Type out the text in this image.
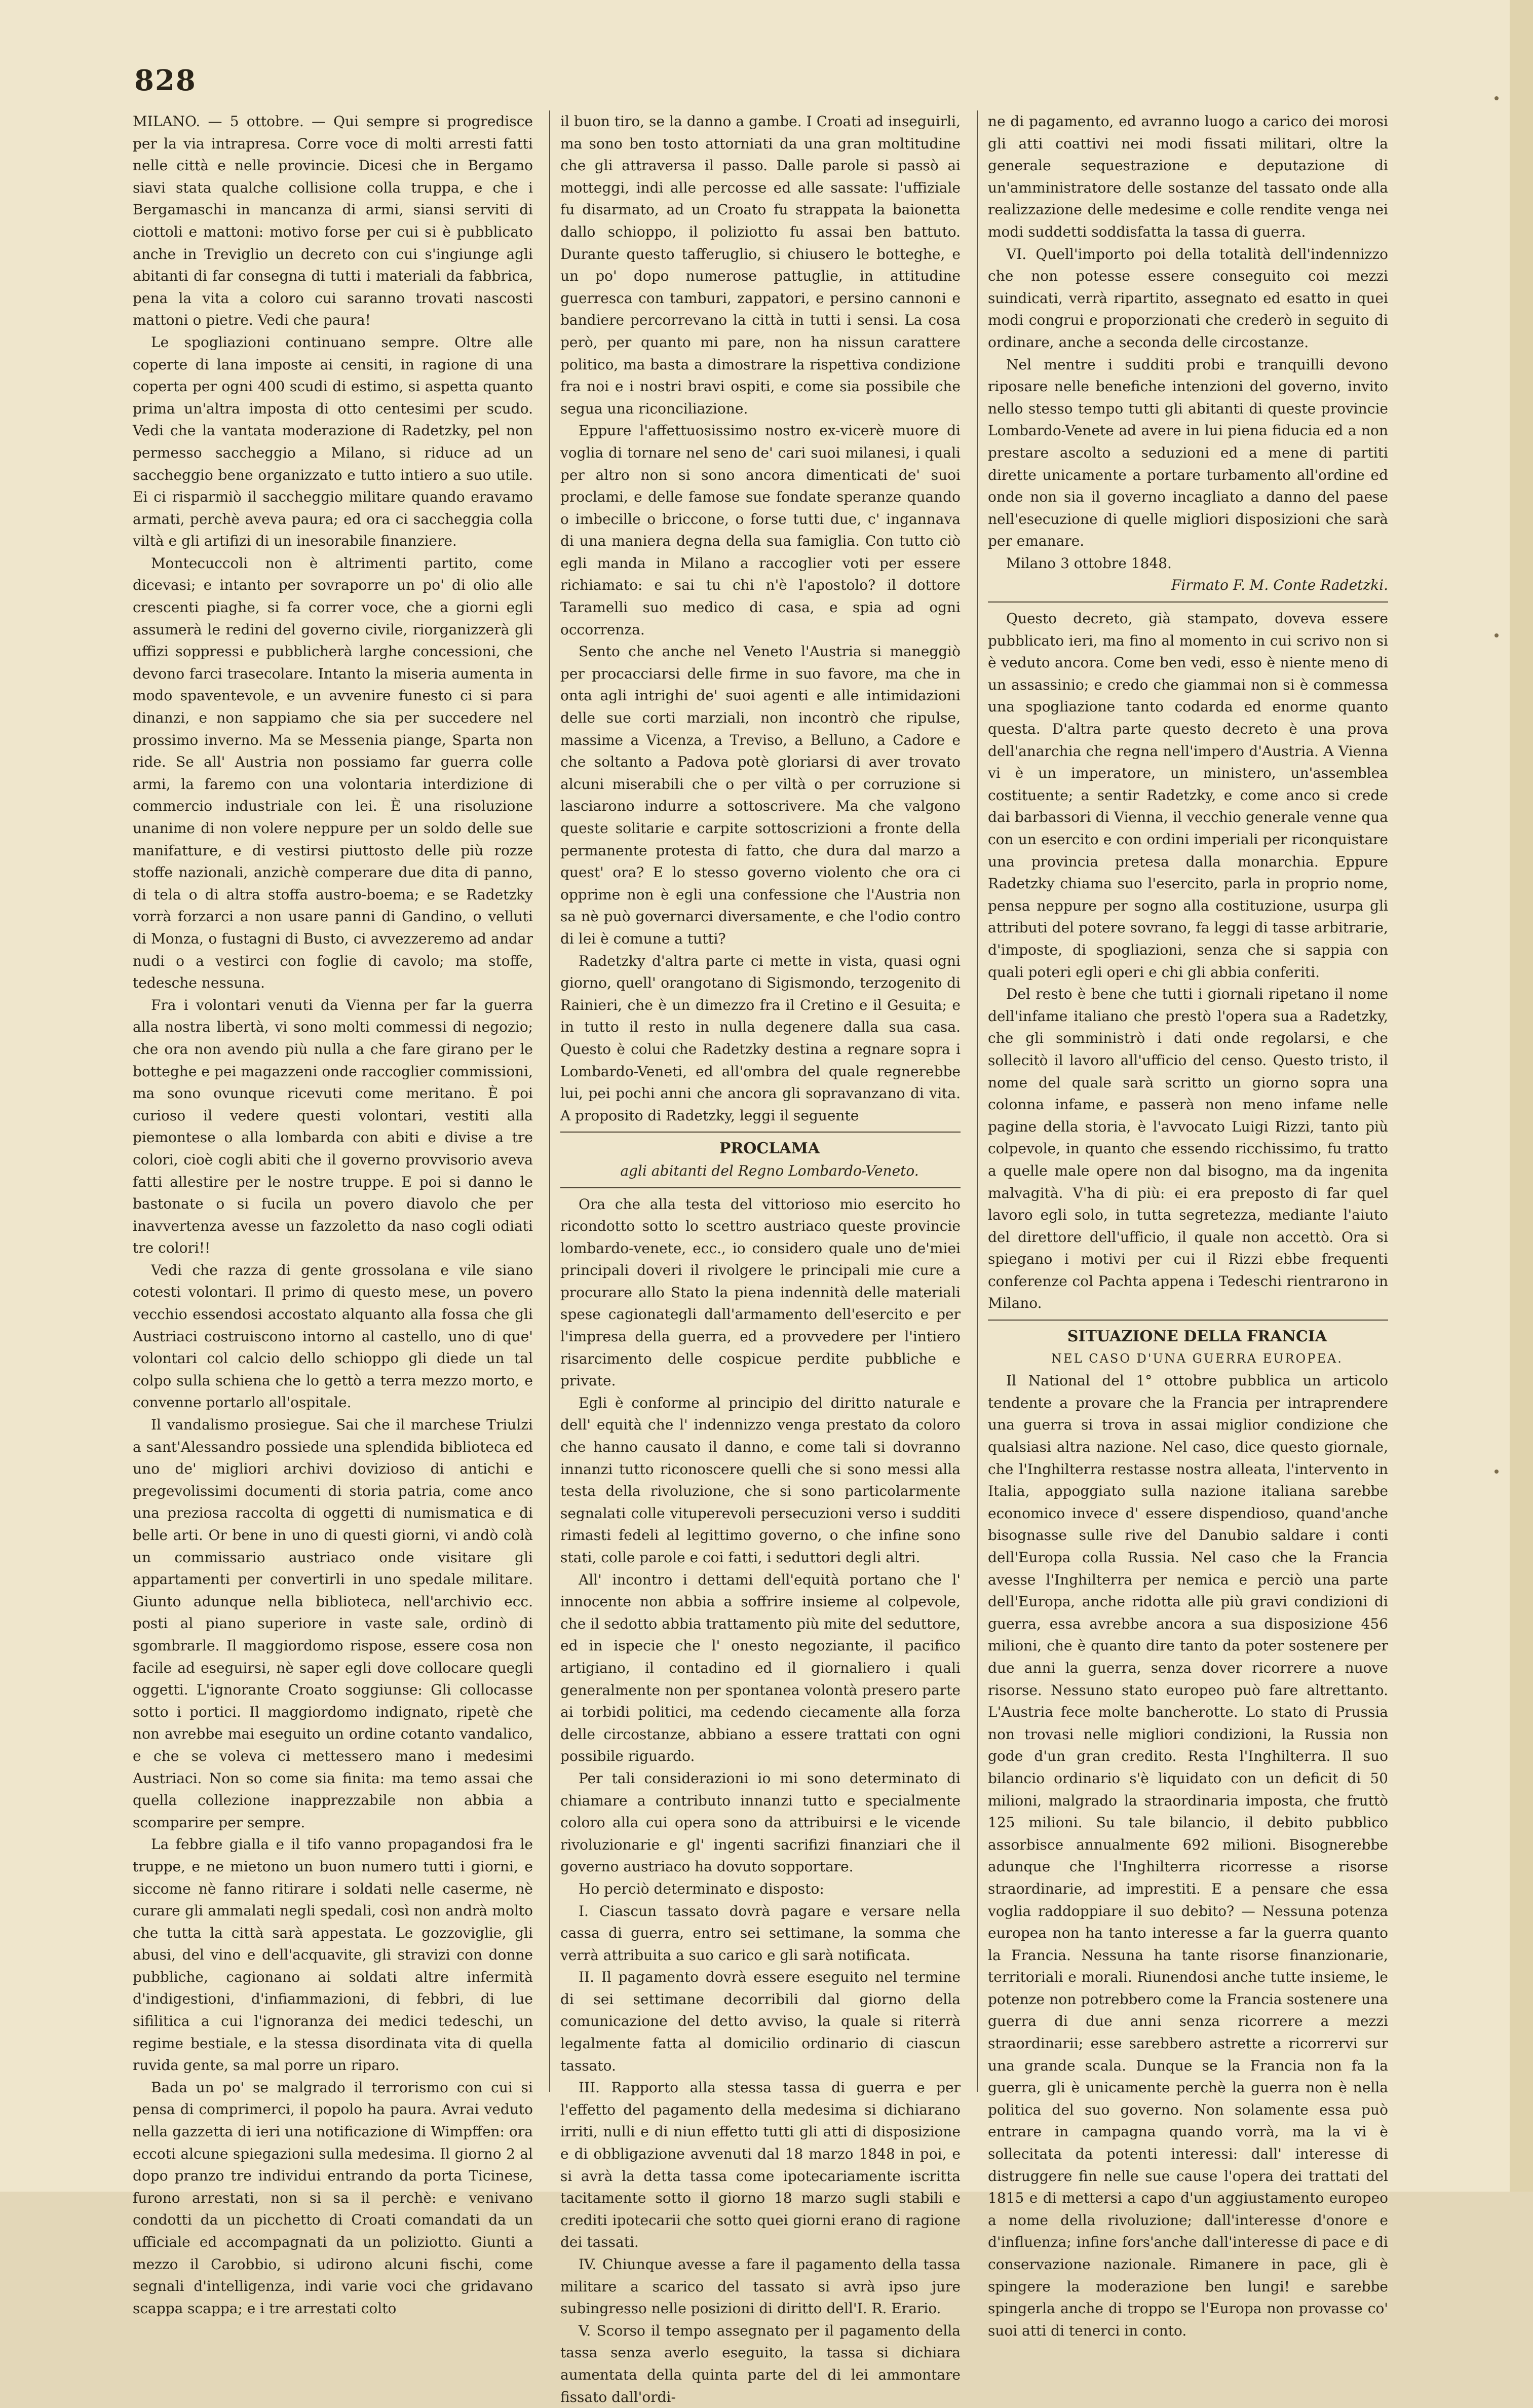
828

MILANO. — 5 ottobre. — Qui sempre si progredisce per la via intrapresa. Corre voce di molti arresti fatti nelle città e nelle provincie. Dicesi che in Bergamo siavi stata qualche collisione colla truppa, e che i Bergamaschi in mancanza di armi, siansi serviti di ciottoli e mattoni: motivo forse per cui si è pubblicato anche in Treviglio un decreto con cui s'ingiunge agli abitanti di far consegna di tutti i materiali da fabbrica, pena la vita a coloro cui saranno trovati nascosti mattoni o pietre. Vedi che paura!

Le spogliazioni continuano sempre. Oltre alle coperte di lana imposte ai censiti, in ragione di una coperta per ogni 400 scudi di estimo, si aspetta quanto prima un'altra imposta di otto centesimi per scudo. Vedi che la vantata moderazione di Radetzky, pel non permesso saccheggio a Milano, si riduce ad un saccheggio bene organizzato e tutto intiero a suo utile. Ei ci risparmiò il saccheggio militare quando eravamo armati, perchè aveva paura; ed ora ci saccheggia colla viltà e gli artifizi di un inesorabile finanziere.

Montecuccoli non è altrimenti partito, come dicevasi; e intanto per sovraporre un po' di olio alle crescenti piaghe, si fa correr voce, che a giorni egli assumerà le redini del governo civile, riorganizzerà gli uffizi soppressi e pubblicherà larghe concessioni, che devono farci trasecolare. Intanto la miseria aumenta in modo spaventevole, e un avvenire funesto ci si para dinanzi, e non sappiamo che sia per succedere nel prossimo inverno. Ma se Messenia piange, Sparta non ride. Se all' Austria non possiamo far guerra colle armi, la faremo con una volontaria interdizione di commercio industriale con lei. È una risoluzione unanime di non volere neppure per un soldo delle sue manifatture, e di vestirsi piuttosto delle più rozze stoffe nazionali, anzichè comperare due dita di panno, di tela o di altra stoffa austro-boema; e se Radetzky vorrà forzarci a non usare panni di Gandino, o velluti di Monza, o fustagni di Busto, ci avvezzeremo ad andar nudi o a vestirci con foglie di cavolo; ma stoffe, tedesche nessuna.

Fra i volontari venuti da Vienna per far la guerra alla nostra libertà, vi sono molti commessi di negozio; che ora non avendo più nulla a che fare girano per le botteghe e pei magazzeni onde raccoglier commissioni, ma sono ovunque ricevuti come meritano. È poi curioso il vedere questi volontari, vestiti alla piemontese o alla lombarda con abiti e divise a tre colori, cioè cogli abiti che il governo provvisorio aveva fatti allestire per le nostre truppe. E poi si danno le bastonate o si fucila un povero diavolo che per inavvertenza avesse un fazzoletto da naso cogli odiati tre colori!!

Vedi che razza di gente grossolana e vile siano cotesti volontari. Il primo di questo mese, un povero vecchio essendosi accostato alquanto alla fossa che gli Austriaci costruiscono intorno al castello, uno di que' volontari col calcio dello schioppo gli diede un tal colpo sulla schiena che lo gettò a terra mezzo morto, e convenne portarlo all'ospitale.

Il vandalismo prosiegue. Sai che il marchese Triulzi a sant'Alessandro possiede una splendida biblioteca ed uno de' migliori archivi dovizioso di antichi e pregevolissimi documenti di storia patria, come anco una preziosa raccolta di oggetti di numismatica e di belle arti. Or bene in uno di questi giorni, vi andò colà un commissario austriaco onde visitare gli appartamenti per convertirli in uno spedale militare. Giunto adunque nella biblioteca, nell'archivio ecc. posti al piano superiore in vaste sale, ordinò di sgombrarle. Il maggiordomo rispose, essere cosa non facile ad eseguirsi, nè saper egli dove collocare quegli oggetti. L'ignorante Croato soggiunse: Gli collocasse sotto i portici. Il maggiordomo indignato, ripetè che non avrebbe mai eseguito un ordine cotanto vandalico, e che se voleva ci mettessero mano i medesimi Austriaci. Non so come sia finita: ma temo assai che quella collezione inapprezzabile non abbia a scomparire per sempre.

La febbre gialla e il tifo vanno propagandosi fra le truppe, e ne mietono un buon numero tutti i giorni, e siccome nè fanno ritirare i soldati nelle caserme, nè curare gli ammalati negli spedali, così non andrà molto che tutta la città sarà appestata. Le gozzoviglie, gli abusi, del vino e dell'acquavite, gli stravizi con donne pubbliche, cagionano ai soldati altre infermità d'indigestioni, d'infiammazioni, di febbri, di lue sifilitica a cui l'ignoranza dei medici tedeschi, un regime bestiale, e la stessa disordinata vita di quella ruvida gente, sa mal porre un riparo.

Bada un po' se malgrado il terrorismo con cui si pensa di comprimerci, il popolo ha paura. Avrai veduto nella gazzetta di ieri una notificazione di Wimpffen: ora eccoti alcune spiegazioni sulla medesima. Il giorno 2 al dopo pranzo tre individui entrando da porta Ticinese, furono arrestati, non si sa il perchè: e venivano condotti da un picchetto di Croati comandati da un ufficiale ed accompagnati da un poliziotto. Giunti a mezzo il Carobbio, si udirono alcuni fischi, come segnali d'intelligenza, indi varie voci che gridavano scappa scappa; e i tre arrestati colto

il buon tiro, se la danno a gambe. I Croati ad inseguirli, ma sono ben tosto attorniati da una gran moltitudine che gli attraversa il passo. Dalle parole si passò ai motteggi, indi alle percosse ed alle sassate: l'uffiziale fu disarmato, ad un Croato fu strappata la baionetta dallo schioppo, il poliziotto fu assai ben battuto. Durante questo tafferuglio, si chiusero le botteghe, e un po' dopo numerose pattuglie, in attitudine guerresca con tamburi, zappatori, e persino cannoni e bandiere percorrevano la città in tutti i sensi. La cosa però, per quanto mi pare, non ha nissun carattere politico, ma basta a dimostrare la rispettiva condizione fra noi e i nostri bravi ospiti, e come sia possibile che segua una riconciliazione.

Eppure l'affettuosissimo nostro ex-vicerè muore di voglia di tornare nel seno de' cari suoi milanesi, i quali per altro non si sono ancora dimenticati de' suoi proclami, e delle famose sue fondate speranze quando o imbecille o briccone, o forse tutti due, c' ingannava di una maniera degna della sua famiglia. Con tutto ciò egli manda in Milano a raccoglier voti per essere richiamato: e sai tu chi n'è l'apostolo? il dottore Taramelli suo medico di casa, e spia ad ogni occorrenza.

Sento che anche nel Veneto l'Austria si maneggiò per procacciarsi delle firme in suo favore, ma che in onta agli intrighi de' suoi agenti e alle intimidazioni delle sue corti marziali, non incontrò che ripulse, massime a Vicenza, a Treviso, a Belluno, a Cadore e che soltanto a Padova potè gloriarsi di aver trovato alcuni miserabili che o per viltà o per corruzione si lasciarono indurre a sottoscrivere. Ma che valgono queste solitarie e carpite sottoscrizioni a fronte della permanente protesta di fatto, che dura dal marzo a quest' ora? E lo stesso governo violento che ora ci opprime non è egli una confessione che l'Austria non sa nè può governarci diversamente, e che l'odio contro di lei è comune a tutti?

Radetzky d'altra parte ci mette in vista, quasi ogni giorno, quell' orangotano di Sigismondo, terzogenito di Rainieri, che è un dimezzo fra il Cretino e il Gesuita; e in tutto il resto in nulla degenere dalla sua casa. Questo è colui che Radetzky destina a regnare sopra i Lombardo-Veneti, ed all'ombra del quale regnerebbe lui, pei pochi anni che ancora gli sopravanzano di vita. A proposito di Radetzky, leggi il seguente

PROCLAMA

agli abitanti del Regno Lombardo-Veneto.

Ora che alla testa del vittorioso mio esercito ho ricondotto sotto lo scettro austriaco queste provincie lombardo-venete, ecc., io considero quale uno de'miei principali doveri il rivolgere le principali mie cure a procurare allo Stato la piena indennità delle materiali spese cagionategli dall'armamento dell'esercito e per l'impresa della guerra, ed a provvedere per l'intiero risarcimento delle cospicue perdite pubbliche e private.

Egli è conforme al principio del diritto naturale e dell' equità che l' indennizzo venga prestato da coloro che hanno causato il danno, e come tali si dovranno innanzi tutto riconoscere quelli che si sono messi alla testa della rivoluzione, che si sono particolarmente segnalati colle vituperevoli persecuzioni verso i sudditi rimasti fedeli al legittimo governo, o che infine sono stati, colle parole e coi fatti, i seduttori degli altri.

All' incontro i dettami dell'equità portano che l' innocente non abbia a soffrire insieme al colpevole, che il sedotto abbia trattamento più mite del seduttore, ed in ispecie che l' onesto negoziante, il pacifico artigiano, il contadino ed il giornaliero i quali generalmente non per spontanea volontà presero parte ai torbidi politici, ma cedendo ciecamente alla forza delle circostanze, abbiano a essere trattati con ogni possibile riguardo.

Per tali considerazioni io mi sono determinato di chiamare a contributo innanzi tutto e specialmente coloro alla cui opera sono da attribuirsi e le vicende rivoluzionarie e gl' ingenti sacrifizi finanziari che il governo austriaco ha dovuto sopportare.

Ho perciò determinato e disposto:

I. Ciascun tassato dovrà pagare e versare nella cassa di guerra, entro sei settimane, la somma che verrà attribuita a suo carico e gli sarà notificata.

II. Il pagamento dovrà essere eseguito nel termine di sei settimane decorribili dal giorno della comunicazione del detto avviso, la quale si riterrà legalmente fatta al domicilio ordinario di ciascun tassato.

III. Rapporto alla stessa tassa di guerra e per l'effetto del pagamento della medesima si dichiarano irriti, nulli e di niun effetto tutti gli atti di disposizione e di obbligazione avvenuti dal 18 marzo 1848 in poi, e si avrà la detta tassa come ipotecariamente iscritta tacitamente sotto il giorno 18 marzo sugli stabili e crediti ipotecarii che sotto quei giorni erano di ragione dei tassati.

IV. Chiunque avesse a fare il pagamento della tassa militare a scarico del tassato si avrà ipso jure subingresso nelle posizioni di diritto dell'I. R. Erario.

V. Scorso il tempo assegnato per il pagamento della tassa senza averlo eseguito, la tassa si dichiara aumentata della quinta parte del di lei ammontare fissato dall'ordi-

ne di pagamento, ed avranno luogo a carico dei morosi gli atti coattivi nei modi fissati militari, oltre la generale sequestrazione e deputazione di un'amministratore delle sostanze del tassato onde alla realizzazione delle medesime e colle rendite venga nei modi suddetti soddisfatta la tassa di guerra.

VI. Quell'importo poi della totalità dell'indennizzo che non potesse essere conseguito coi mezzi suindicati, verrà ripartito, assegnato ed esatto in quei modi congrui e proporzionati che crederò in seguito di ordinare, anche a seconda delle circostanze.

Nel mentre i sudditi probi e tranquilli devono riposare nelle benefiche intenzioni del governo, invito nello stesso tempo tutti gli abitanti di queste provincie Lombardo-Venete ad avere in lui piena fiducia ed a non prestare ascolto a seduzioni ed a mene di partiti dirette unicamente a portare turbamento all'ordine ed onde non sia il governo incagliato a danno del paese nell'esecuzione di quelle migliori disposizioni che sarà per emanare.

Milano 3 ottobre 1848.

Firmato F. M. Conte Radetzki.

Questo decreto, già stampato, doveva essere pubblicato ieri, ma fino al momento in cui scrivo non si è veduto ancora. Come ben vedi, esso è niente meno di un assassinio; e credo che giammai non si è commessa una spogliazione tanto codarda ed enorme quanto questa. D'altra parte questo decreto è una prova dell'anarchia che regna nell'impero d'Austria. A Vienna vi è un imperatore, un ministero, un'assemblea costituente; a sentir Radetzky, e come anco si crede dai barbassori di Vienna, il vecchio generale venne qua con un esercito e con ordini imperiali per riconquistare una provincia pretesa dalla monarchia. Eppure Radetzky chiama suo l'esercito, parla in proprio nome, pensa neppure per sogno alla costituzione, usurpa gli attributi del potere sovrano, fa leggi di tasse arbitrarie, d'imposte, di spogliazioni, senza che si sappia con quali poteri egli operi e chi gli abbia conferiti.

Del resto è bene che tutti i giornali ripetano il nome dell'infame italiano che prestò l'opera sua a Radetzky, che gli somministrò i dati onde regolarsi, e che sollecitò il lavoro all'ufficio del censo. Questo tristo, il nome del quale sarà scritto un giorno sopra una colonna infame, e passerà non meno infame nelle pagine della storia, è l'avvocato Luigi Rizzi, tanto più colpevole, in quanto che essendo ricchissimo, fu tratto a quelle male opere non dal bisogno, ma da ingenita malvagità. V'ha di più: ei era preposto di far quel lavoro egli solo, in tutta segretezza, mediante l'aiuto del direttore dell'ufficio, il quale non accettò. Ora si spiegano i motivi per cui il Rizzi ebbe frequenti conferenze col Pachta appena i Tedeschi rientrarono in Milano.

SITUAZIONE DELLA FRANCIA

NEL CASO D'UNA GUERRA EUROPEA.

Il National del 1° ottobre pubblica un articolo tendente a provare che la Francia per intraprendere una guerra si trova in assai miglior condizione che qualsiasi altra nazione. Nel caso, dice questo giornale, che l'Inghilterra restasse nostra alleata, l'intervento in Italia, appoggiato sulla nazione italiana sarebbe economico invece d' essere dispendioso, quand'anche bisognasse sulle rive del Danubio saldare i conti dell'Europa colla Russia. Nel caso che la Francia avesse l'Inghilterra per nemica e perciò una parte dell'Europa, anche ridotta alle più gravi condizioni di guerra, essa avrebbe ancora a sua disposizione 456 milioni, che è quanto dire tanto da poter sostenere per due anni la guerra, senza dover ricorrere a nuove risorse. Nessuno stato europeo può fare altrettanto. L'Austria fece molte bancherotte. Lo stato di Prussia non trovasi nelle migliori condizioni, la Russia non gode d'un gran credito. Resta l'Inghilterra. Il suo bilancio ordinario s'è liquidato con un deficit di 50 milioni, malgrado la straordinaria imposta, che fruttò 125 milioni. Su tale bilancio, il debito pubblico assorbisce annualmente 692 milioni. Bisognerebbe adunque che l'Inghilterra ricorresse a risorse straordinarie, ad imprestiti. E a pensare che essa voglia raddoppiare il suo debito? — Nessuna potenza europea non ha tanto interesse a far la guerra quanto la Francia. Nessuna ha tante risorse finanzionarie, territoriali e morali. Riunendosi anche tutte insieme, le potenze non potrebbero come la Francia sostenere una guerra di due anni senza ricorrere a mezzi straordinarii; esse sarebbero astrette a ricorrervi sur una grande scala. Dunque se la Francia non fa la guerra, gli è unicamente perchè la guerra non è nella politica del suo governo. Non solamente essa può entrare in campagna quando vorrà, ma la vi è sollecitata da potenti interessi: dall' interesse di distruggere fin nelle sue cause l'opera dei trattati del 1815 e di mettersi a capo d'un aggiustamento europeo a nome della rivoluzione; dall'interesse d'onore e d'influenza; infine fors'anche dall'interesse di pace e di conservazione nazionale. Rimanere in pace, gli è spingere la moderazione ben lungi! e sarebbe spingerla anche di troppo se l'Europa non provasse co' suoi atti di tenerci in conto.
